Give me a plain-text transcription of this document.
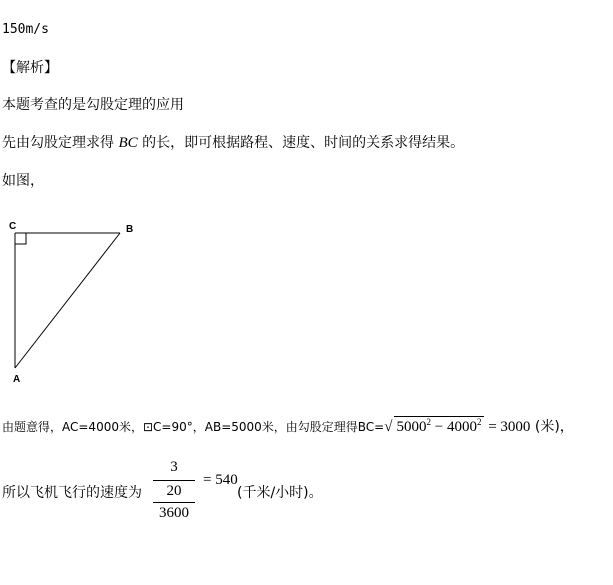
150m/s
【解析】
本题考查的是勾股定理的应用
先由勾股定理求得 BC 的长，即可根据路程、速度、时间的关系求得结果。
如图，
C	B
A
由题意得，AC=4000米，⊡C=90°，AB=5000米，由勾股定理得BC=√ $5000^2 - 4000^2 = 3000$ (米)，
所以飞机飞行的速度为
3
20
3600
= 540
(千米/小时)。
